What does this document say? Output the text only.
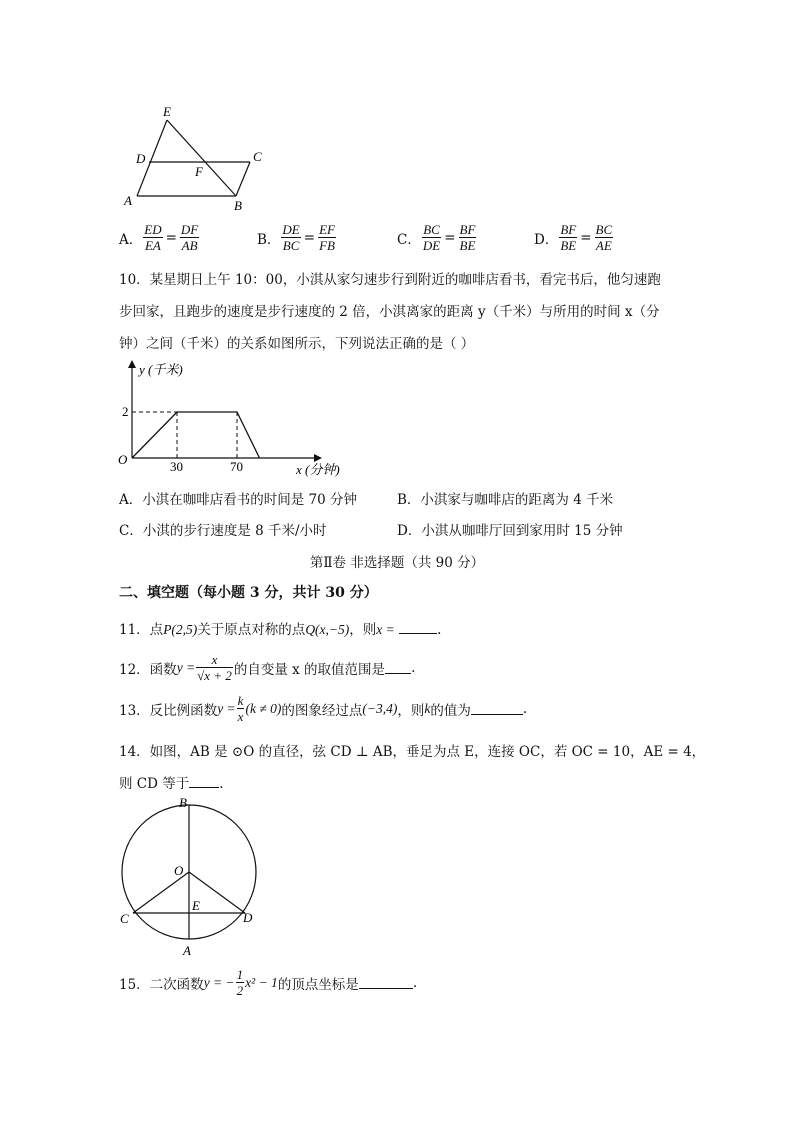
E
D	C
F
A	B
A． $\frac{ED}{EA} = \frac{DF}{AB}$	B． $\frac{DE}{BC} = \frac{EF}{FB}$	C． $\frac{BC}{DE} = \frac{BF}{BE}$	D． $\frac{BF}{BE} = \frac{BC}{AE}$
10．某星期日上午 10：00，小淇从家匀速步行到附近的咖啡店看书，看完书后，他匀速跑
步回家，且跑步的速度是步行速度的 2 倍，小淇离家的距离 y（千米）与所用的时间 x（分
钟）之间（千米）的关系如图所示，下列说法正确的是（ ）
y (千米)
x (分钟)
O
2
30	70
A．小淇在咖啡店看书的时间是 70 分钟	B．小淇家与咖啡店的距离为 4 千米
C．小淇的步行速度是 8 千米/小时	D．小淇从咖啡厅回到家用时 15 分钟
第Ⅱ卷 非选择题（共 90 分）
二、填空题（每小题 3 分，共计 30 分）
11．点P(2,5)关于原点对称的点Q(x,−5)，则x =	.
12．函数 $y = \frac{x}{√x + 2}$ 的自变量 x 的取值范围是 .
13．反比例函数 $y = \frac{k}{x} (k \ne 0)$ 的图象经过点 (−3,4) ，则 k 的值为	.
14．如图，AB 是 ⊙O 的直径，弦 CD ⊥ AB，垂足为点 E，连接 OC，若 OC = 10，AE = 4，
则 CD 等于 .
B
O
C
E
D
A
15．二次函数 y = − $\frac{1}{2} x^2 - 1$ 的顶点坐标是	.
